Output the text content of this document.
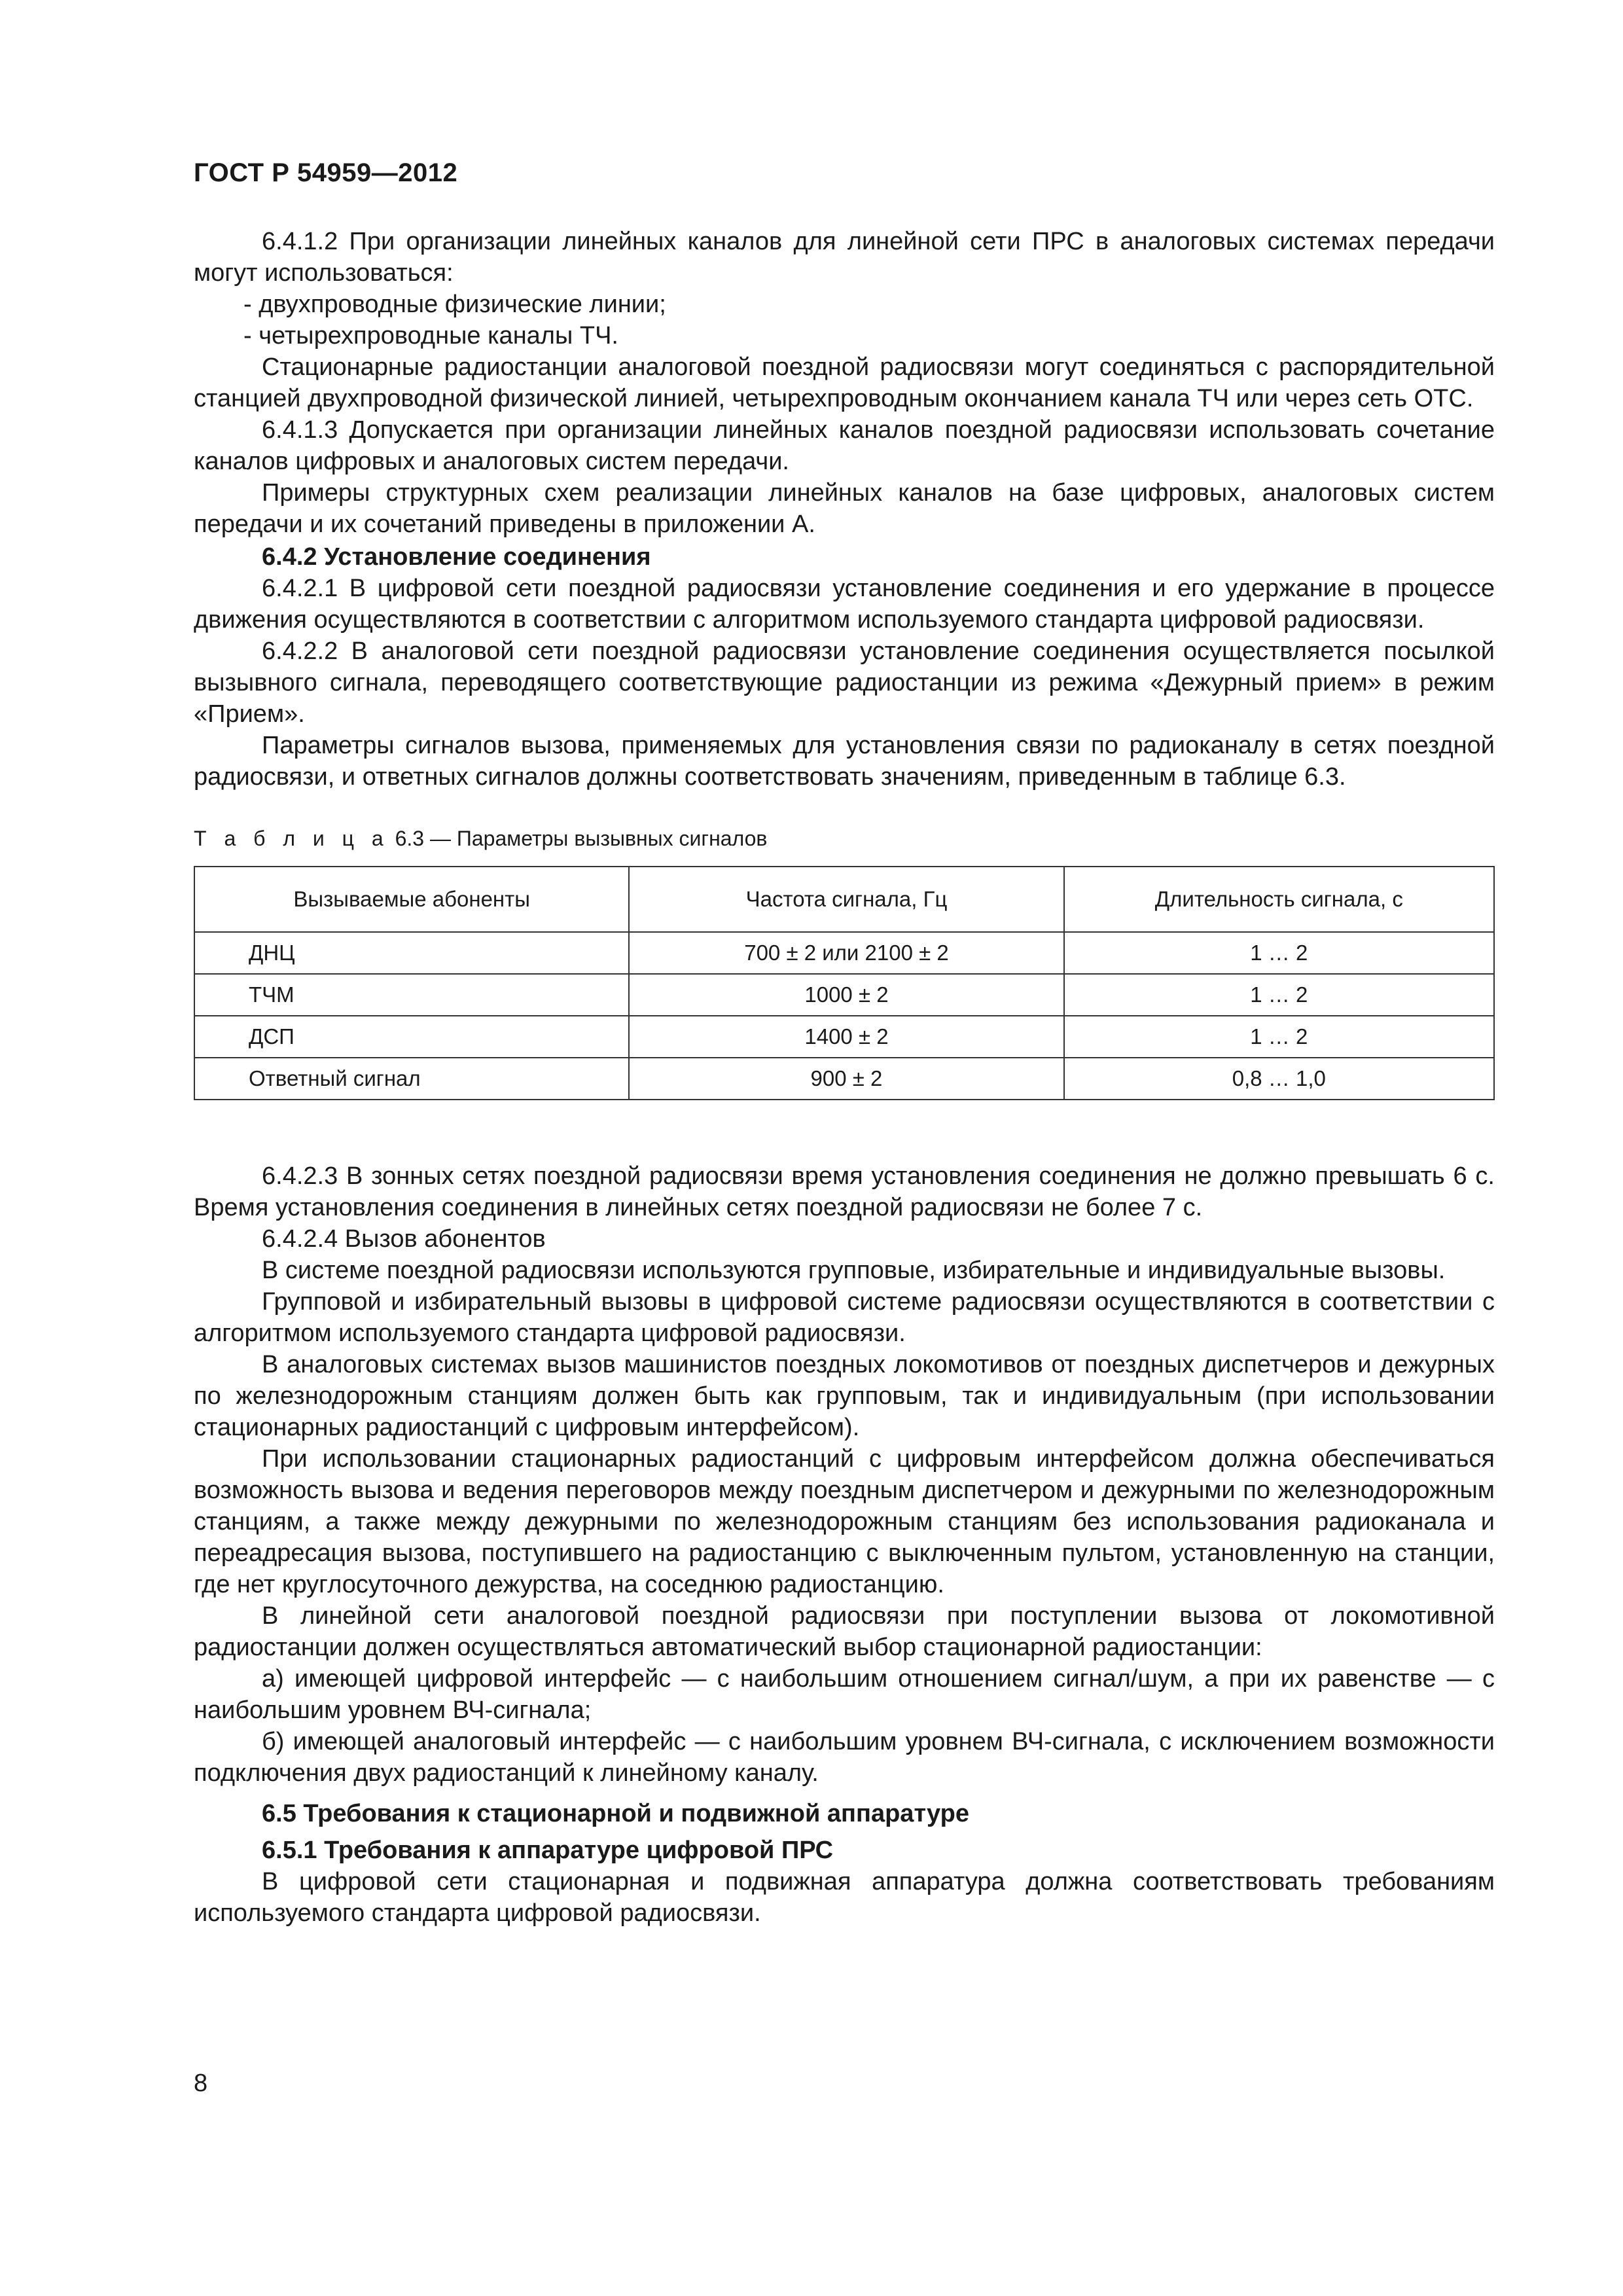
ГОСТ Р 54959—2012

6.4.1.2 При организации линейных каналов для линейной сети ПРС в аналоговых системах передачи могут использоваться:

- двухпроводные физические линии;

- четырехпроводные каналы ТЧ.

Стационарные радиостанции аналоговой поездной радиосвязи могут соединяться с распорядительной станцией двухпроводной физической линией, четырехпроводным окончанием канала ТЧ или через сеть ОТС.

6.4.1.3 Допускается при организации линейных каналов поездной радиосвязи использовать сочетание каналов цифровых и аналоговых систем передачи.

Примеры структурных схем реализации линейных каналов на базе цифровых, аналоговых систем передачи и их сочетаний приведены в приложении А.

6.4.2 Установление соединения

6.4.2.1 В цифровой сети поездной радиосвязи установление соединения и его удержание в процессе движения осуществляются в соответствии с алгоритмом используемого стандарта цифровой радиосвязи.

6.4.2.2 В аналоговой сети поездной радиосвязи установление соединения осуществляется посылкой вызывного сигнала, переводящего соответствующие радиостанции из режима «Дежурный прием» в режим «Прием».

Параметры сигналов вызова, применяемых для установления связи по радиоканалу в сетях поездной радиосвязи, и ответных сигналов должны соответствовать значениям, приведенным в таблице 6.3.

Т а б л и ц а 6.3 — Параметры вызывных сигналов
Вызываемые абоненты	Частота сигнала, Гц	Длительность сигнала, с
ДНЦ	700 ± 2 или 2100 ± 2	1 … 2
ТЧМ	1000 ± 2	1 … 2
ДСП	1400 ± 2	1 … 2
Ответный сигнал	900 ± 2	0,8 … 1,0

6.4.2.3 В зонных сетях поездной радиосвязи время установления соединения не должно превышать 6 с. Время установления соединения в линейных сетях поездной радиосвязи не более 7 с.

6.4.2.4 Вызов абонентов

В системе поездной радиосвязи используются групповые, избирательные и индивидуальные вызовы.

Групповой и избирательный вызовы в цифровой системе радиосвязи осуществляются в соответствии с алгоритмом используемого стандарта цифровой радиосвязи.

В аналоговых системах вызов машинистов поездных локомотивов от поездных диспетчеров и дежурных по железнодорожным станциям должен быть как групповым, так и индивидуальным (при использовании стационарных радиостанций с цифровым интерфейсом).

При использовании стационарных радиостанций с цифровым интерфейсом должна обеспечиваться возможность вызова и ведения переговоров между поездным диспетчером и дежурными по железнодорожным станциям, а также между дежурными по железнодорожным станциям без использования радиоканала и переадресация вызова, поступившего на радиостанцию с выключенным пультом, установленную на станции, где нет круглосуточного дежурства, на соседнюю радиостанцию.

В линейной сети аналоговой поездной радиосвязи при поступлении вызова от локомотивной радиостанции должен осуществляться автоматический выбор стационарной радиостанции:

а) имеющей цифровой интерфейс — с наибольшим отношением сигнал/шум, а при их равенстве — с наибольшим уровнем ВЧ-сигнала;

б) имеющей аналоговый интерфейс — с наибольшим уровнем ВЧ-сигнала, с исключением возможности подключения двух радиостанций к линейному каналу.

6.5 Требования к стационарной и подвижной аппаратуре

6.5.1 Требования к аппаратуре цифровой ПРС

В цифровой сети стационарная и подвижная аппаратура должна соответствовать требованиям используемого стандарта цифровой радиосвязи.

8
